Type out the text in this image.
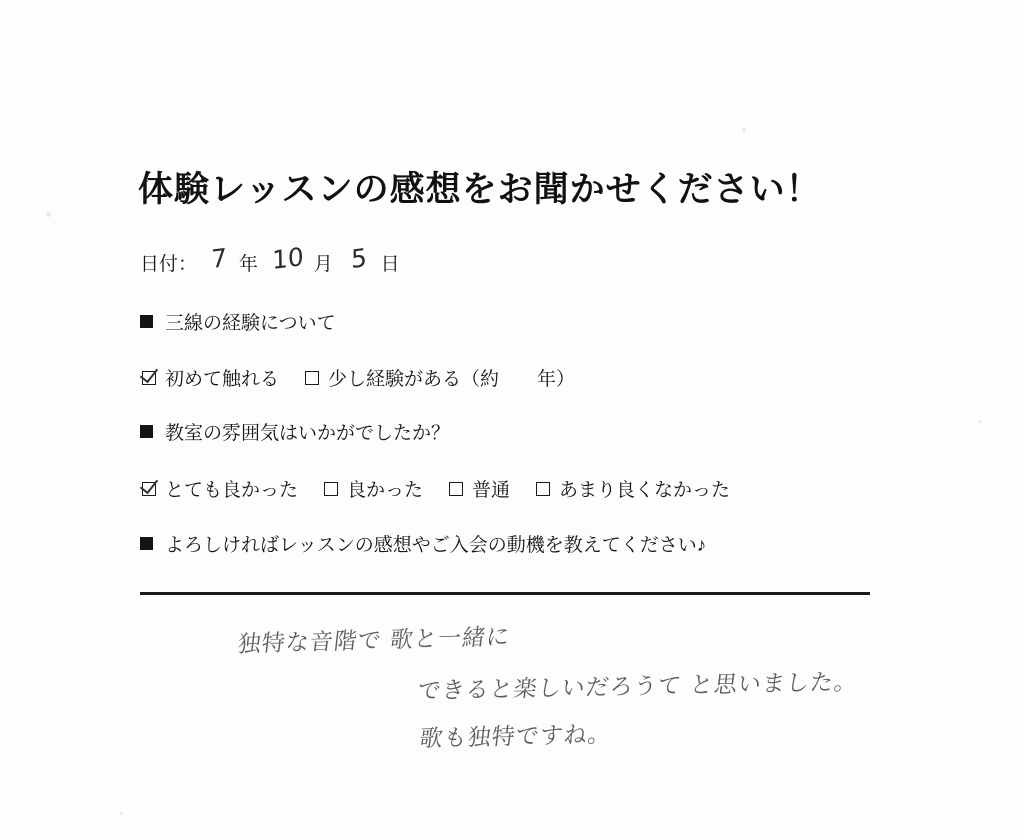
体験レッスンの感想をお聞かせください！
日付： 7 年 10 月 5 日
三線の経験について
初めて触れる	少し経験がある（約　　年）
教室の雰囲気はいかがでしたか？
とても良かった	良かった	普通	あまり良くなかった
よろしければレッスンの感想やご入会の動機を教えてください♪
独特な音階で 歌と一緒に
できると楽しいだろうて と思いました。
歌も独特ですね。
